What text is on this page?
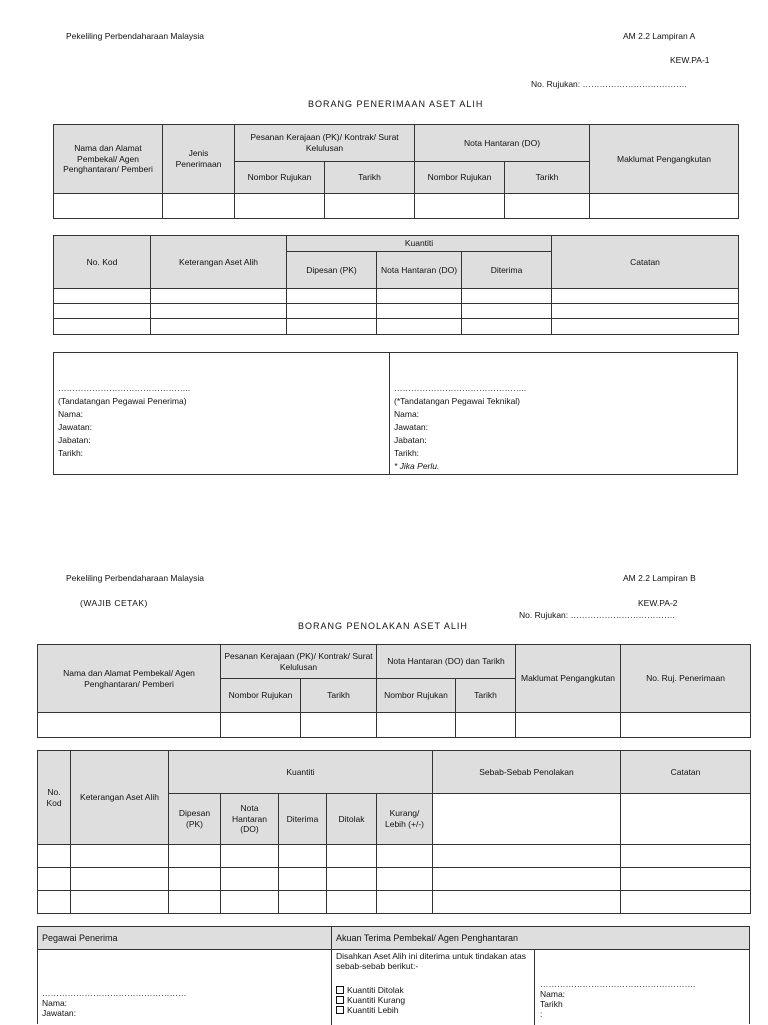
Pekeliling Perbendaharaan Malaysia	AM 2.2 Lampiran A
KEW.PA-1
No. Rujukan: ……………………………….
BORANG PENERIMAAN ASET ALIH
Nama dan Alamat Pembekal/ Agen Penghantaran/ Pemberi	Jenis Penerimaan	Pesanan Kerajaan (PK)/ Kontrak/ Surat Kelulusan		Nota Hantaran (DO)		Maklumat Pengangkutan
		Nombor Rujukan	Tarikh	Nombor Rujukan	Tarikh	

No. Kod	Keterangan Aset Alih	Kuantiti			Catatan
		Dipesan (PK)	Nota Hantaran (DO)	Diterima	

………………………………………..
(Tandatangan Pegawai Penerima)
Nama:
Jawatan:
Jabatan:
Tarikh:
………………………………………..
(*Tandatangan Pegawai Teknikal)
Nama:
Jawatan:
Jabatan:
Tarikh:
* Jika Perlu.
Pekeliling Perbendaharaan Malaysia	AM 2.2 Lampiran B
(WAJIB CETAK)	KEW.PA-2
No. Rujukan: ……………………………….
BORANG PENOLAKAN ASET ALIH
Nama dan Alamat Pembekal/ Agen Penghantaran/ Pemberi	Pesanan Kerajaan (PK)/ Kontrak/ Surat Kelulusan		Nota Hantaran (DO) dan Tarikh		Maklumat Pengangkutan	No. Ruj. Penerimaan
	Nombor Rujukan	Tarikh	Nombor Rujukan	Tarikh		

No. Kod	Keterangan Aset Alih	Kuantiti					Sebab-Sebab Penolakan	Catatan
		Dipesan (PK)	Nota Hantaran (DO)	Diterima	Ditolak	Kurang/ Lebih (+/-)		

Pegawai Penerima
……………………………………………
Nama:
Jawatan:
Akuan Terima Pembekal/ Agen Penghantaran
Disahkan Aset Alih ini diterima untuk tindakan atas sebab-sebab berikut:-
Kuantiti Ditolak
Kuantiti Kurang
Kuantiti Lebih
……………………………………………….
Nama:
Tarikh
:
